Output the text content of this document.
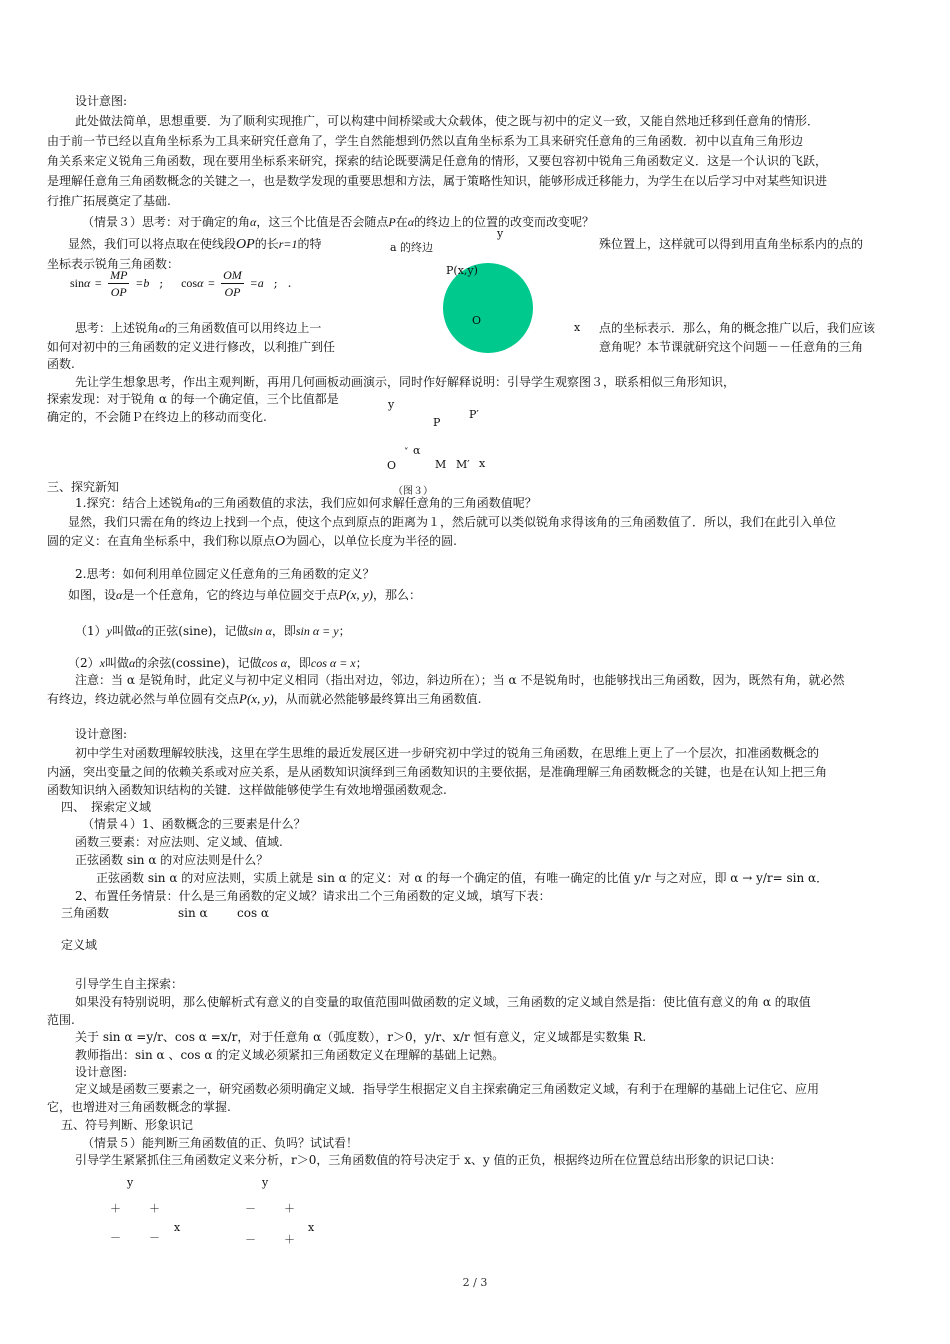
设计意图:
此处做法简单，思想重要．为了顺利实现推广，可以构建中间桥梁或大众载体，使之既与初中的定义一致，又能自然地迁移到任意角的情形．
由于前一节已经以直角坐标系为工具来研究任意角了，学生自然能想到仍然以直角坐标系为工具来研究任意角的三角函数．初中以直角三角形边
角关系来定义锐角三角函数，现在要用坐标系来研究，探索的结论既要满足任意角的情形，又要包容初中锐角三角函数定义．这是一个认识的飞跃，
是理解任意角三角函数概念的关键之一，也是数学发现的重要思想和方法，属于策略性知识，能够形成迁移能力，为学生在以后学习中对某些知识进
行推广拓展奠定了基础.
（情景３）思考：对于确定的角α，这三个比值是否会随点P在α的终边上的位置的改变而改变呢？
显然，我们可以将点取在使线段OP的长r=1的特	殊位置上，这样就可以得到用直角坐标系内的点的
坐标表示锐角三角函数：
$\sin\alpha = \frac{MP}{OP} =b$ ; $\cos\alpha = \frac{OM}{OP} =a$ ; .
y
a 的终边
P(x,y)
O
x
思考：上述锐角α的三角函数值可以用终边上一	点的坐标表示．那么，角的概念推广以后，我们应该
如何对初中的三角函数的定义进行修改，以利推广到任	意角呢？本节课就研究这个问题－－任意角的三角
函数.
先让学生想象思考，作出主观判断，再用几何画板动画演示，同时作好解释说明：引导学生观察图３，联系相似三角形知识，
探索发现：对于锐角 α 的每一个确定值，三个比值都是
确定的，不会随Ｐ在终边上的移动而变化.
y
P
P′
˅ α
O	M M′ x
（图３）
三、探究新知
1.探究：结合上述锐角α的三角函数值的求法，我们应如何求解任意角的三角函数值呢？
显然，我们只需在角的终边上找到一个点，使这个点到原点的距离为１，然后就可以类似锐角求得该角的三角函数值了．所以，我们在此引入单位
圆的定义：在直角坐标系中，我们称以原点O为圆心，以单位长度为半径的圆.
2.思考：如何利用单位圆定义任意角的三角函数的定义？
如图，设α是一个任意角，它的终边与单位圆交于点P(x, y)，那么：
（1）y叫做α的正弦(sine)，记做sin α，即sin α = y；
（2）x叫做α的余弦(cossine)，记做cos α，即cos α = x；
注意：当 α 是锐角时，此定义与初中定义相同（指出对边，邻边，斜边所在）；当 α 不是锐角时，也能够找出三角函数，因为，既然有角，就必然
有终边，终边就必然与单位圆有交点P(x, y)，从而就必然能够最终算出三角函数值.
设计意图:
初中学生对函数理解较肤浅，这里在学生思维的最近发展区进一步研究初中学过的锐角三角函数，在思维上更上了一个层次，扣准函数概念的
内涵，突出变量之间的依赖关系或对应关系，是从函数知识演绎到三角函数知识的主要依据，是准确理解三角函数概念的关键，也是在认知上把三角
函数知识纳入函数知识结构的关键．这样做能够使学生有效地增强函数观念.
四、　探索定义域
（情景４）1、函数概念的三要素是什么？
函数三要素：对应法则、定义域、值域.
正弦函数 sin α 的对应法则是什么？
正弦函数 sin α 的对应法则，实质上就是 sin α 的定义：对 α 的每一个确定的值，有唯一确定的比值 y/r 与之对应，即 α → y/r= sin α．
2、布置任务情景：什么是三角函数的定义域？请求出二个三角函数的定义域，填写下表：
三角函数	sin α cos α
定义域
引导学生自主探索：
如果没有特别说明，那么使解析式有意义的自变量的取值范围叫做函数的定义域，三角函数的定义域自然是指：使比值有意义的角 α 的取值
范围.
关于 sin α =y/r、cos α =x/r，对于任意角 α（弧度数），r＞0，y/r、x/r 恒有意义，定义域都是实数集 R.
教师指出：sin α 、cos α 的定义域必须紧扣三角函数定义在理解的基础上记熟。
设计意图:
定义域是函数三要素之一，研究函数必须明确定义域．指导学生根据定义自主探索确定三角函数定义域，有利于在理解的基础上记住它、应用
它，也增进对三角函数概念的掌握.
五、符号判断、形象识记
（情景５）能判断三角函数值的正、负吗？试试看！
引导学生紧紧抓住三角函数定义来分析，r＞0，三角函数值的符号决定于 x、y 值的正负，根据终边所在位置总结出形象的识记口诀：
y
＋	＋
x
－	－
y
－	＋
x
－	＋
2 / 3
